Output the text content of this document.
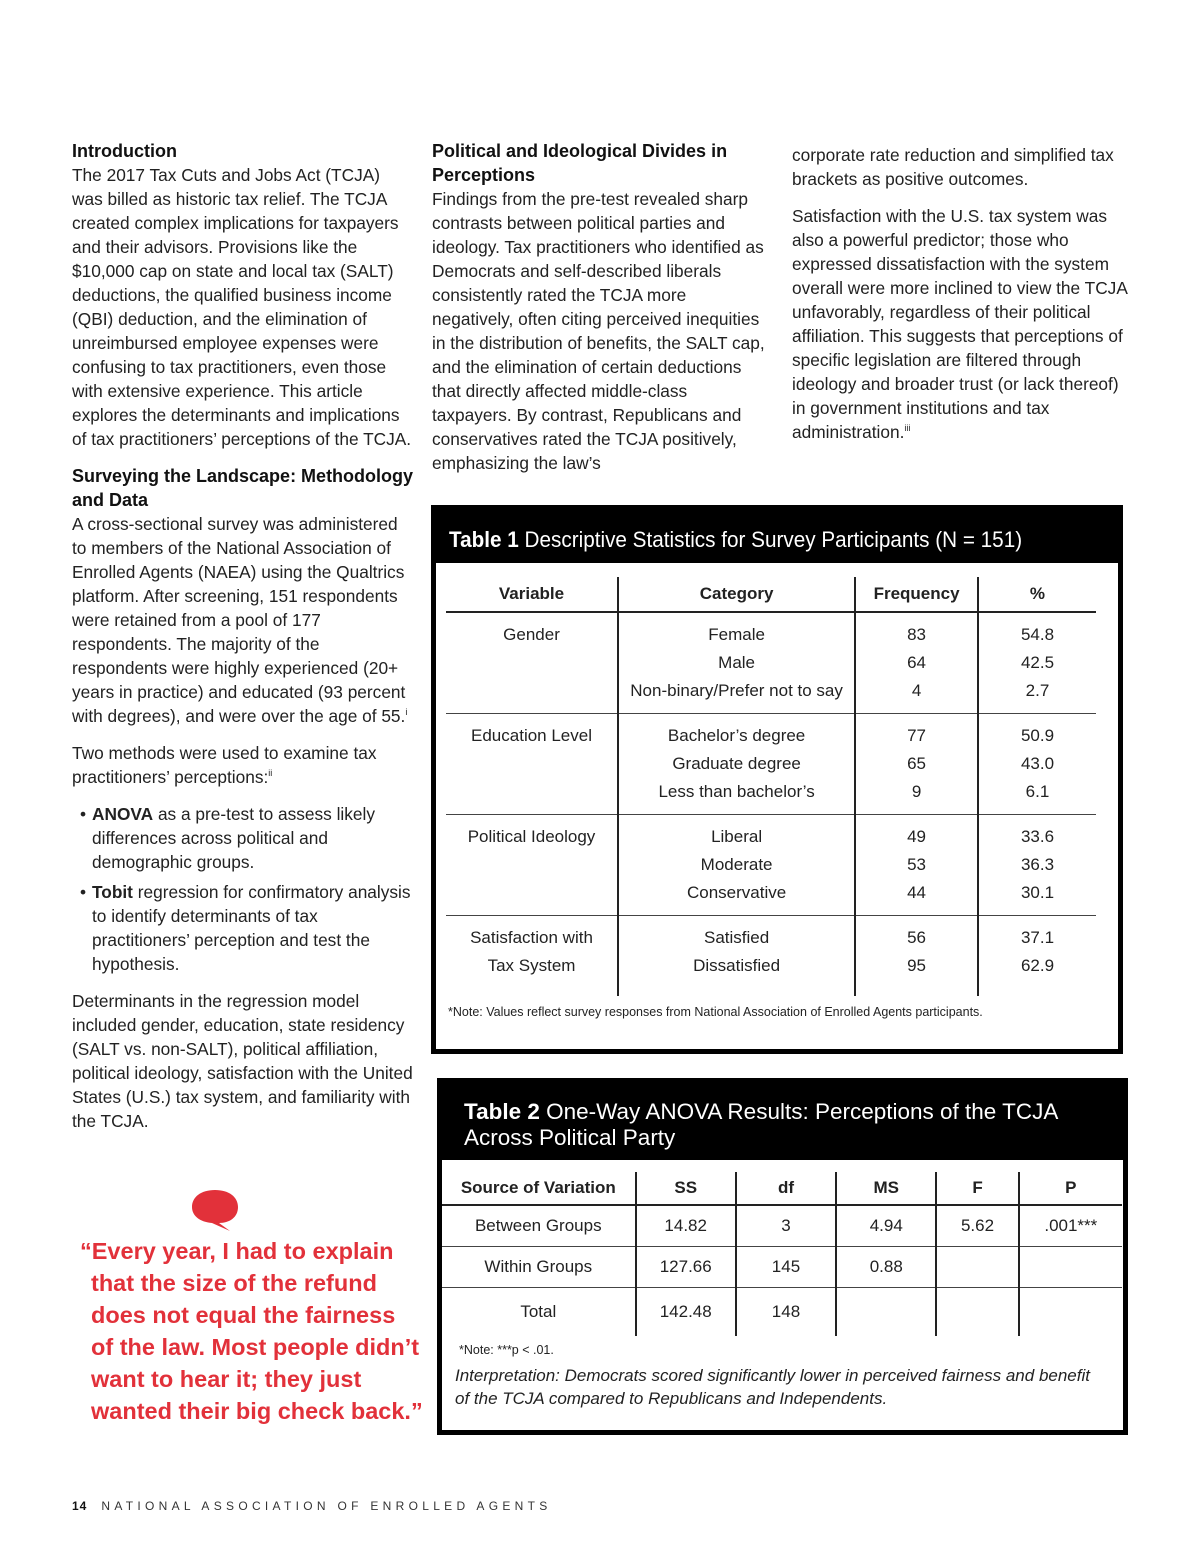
Introduction

The 2017 Tax Cuts and Jobs Act (TCJA) was billed as historic tax relief. The TCJA created complex implications for taxpayers and their advisors. Provisions like the $10,000 cap on state and local tax (SALT) deductions, the qualified business income (QBI) deduction, and the elimination of unreimbursed employee expenses were confusing to tax practitioners, even those with extensive experience. This article explores the determinants and implications of tax practitioners’ perceptions of the TCJA.

Surveying the Landscape: Methodology and Data

A cross-sectional survey was administered to members of the National Association of Enrolled Agents (NAEA) using the Qualtrics platform. After screening, 151 respondents were retained from a pool of 177 respondents. The majority of the respondents were highly experienced (20+ years in practice) and educated (93 percent with degrees), and were over the age of 55.$^i$

Two methods were used to examine tax practitioners’ perceptions:$^{ii}$

• ANOVA as a pre-test to assess likely differences across political and demographic groups.
• Tobit regression for confirmatory analysis to identify determinants of tax practitioners’ perception and test the hypothesis.

Determinants in the regression model included gender, education, state residency (SALT vs. non-SALT), political affiliation, political ideology, satisfaction with the United States (U.S.) tax system, and familiarity with the TCJA.

Political and Ideological Divides in Perceptions

Findings from the pre-test revealed sharp contrasts between political parties and ideology. Tax practitioners who identified as Democrats and self-described liberals consistently rated the TCJA more negatively, often citing perceived inequities in the distribution of benefits, the SALT cap, and the elimination of certain deductions that directly affected middle-class taxpayers. By contrast, Republicans and conservatives rated the TCJA positively, emphasizing the law’s

corporate rate reduction and simplified tax brackets as positive outcomes.

Satisfaction with the U.S. tax system was also a powerful predictor; those who expressed dissatisfaction with the system overall were more inclined to view the TCJA unfavorably, regardless of their political affiliation. This suggests that perceptions of specific legislation are filtered through ideology and broader trust (or lack thereof) in government institutions and tax administration.$^{iii}$

“Every year, I had to explain
that the size of the refund
does not equal the fairness
of the law. Most people didn’t
want to hear it; they just
wanted their big check back.”
Table 1 Descriptive Statistics for Survey Participants (N = 151)
Variable	Category	Frequency	%
Gender	Female	83	54.8
	Male	64	42.5
	Non-binary/Prefer not to say	4	2.7
Education Level	Bachelor’s degree	77	50.9
	Graduate degree	65	43.0
	Less than bachelor’s	9	6.1
Political Ideology	Liberal	49	33.6
	Moderate	53	36.3
	Conservative	44	30.1
Satisfaction with	Satisfied	56	37.1
Tax System	Dissatisfied	95	62.9
*Note: Values reflect survey responses from National Association of Enrolled Agents participants.
Table 2 One-Way ANOVA Results: Perceptions of the TCJA Across Political Party
Source of Variation	SS	df	MS	F	P
Between Groups	14.82	3	4.94	5.62	.001***
Within Groups	127.66	145	0.88		
Total	142.48	148			
*Note: ***p < .01.
Interpretation: Democrats scored significantly lower in perceived fairness and benefit of the TCJA compared to Republicans and Independents.
14 NATIONAL ASSOCIATION OF ENROLLED AGENTS
